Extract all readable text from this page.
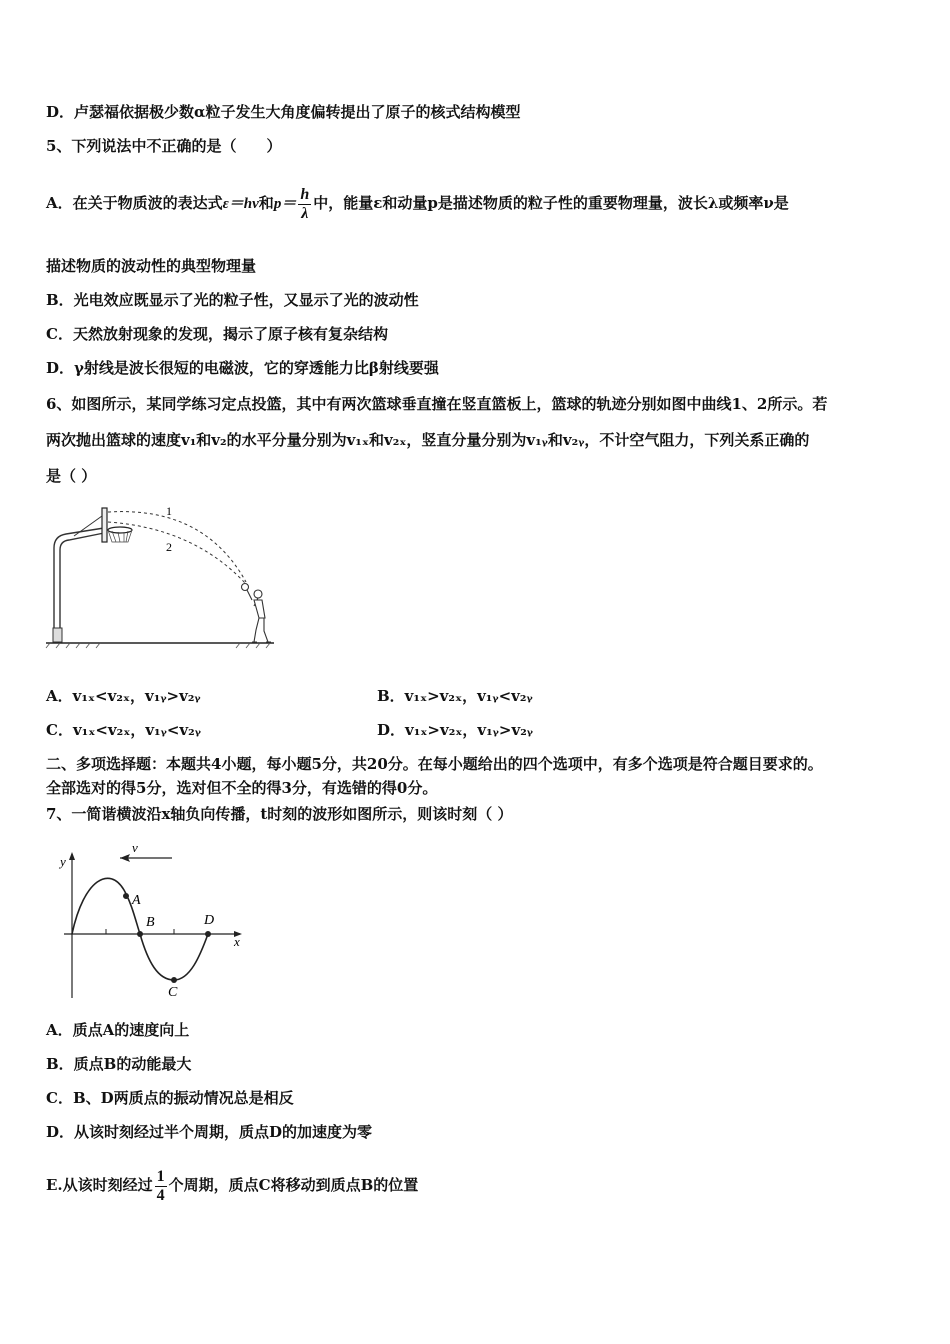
D．卢瑟福依据极少数α粒子发生大角度偏转提出了原子的核式结构模型
5、下列说法中不正确的是（　　）
A．在关于物质波的表达式ε＝hν和$p= \frac{h}{\lambda}$ 中，能量ε和动量p是描述物质的粒子性的重要物理量，波长λ或频率ν是
描述物质的波动性的典型物理量
B．光电效应既显示了光的粒子性，又显示了光的波动性
C．天然放射现象的发现，揭示了原子核有复杂结构
D．γ射线是波长很短的电磁波，它的穿透能力比β射线要强
6、如图所示，某同学练习定点投篮，其中有两次篮球垂直撞在竖直篮板上，篮球的轨迹分别如图中曲线1、2所示。若
两次抛出篮球的速度v₁和v₂的水平分量分别为v₁ₓ和v₂ₓ，竖直分量分别为v₁ᵧ和v₂ᵧ，不计空气阻力，下列关系正确的
是（ ）
1
2
A．v₁ₓ<v₂ₓ，v₁ᵧ>v₂ᵧ	B．v₁ₓ>v₂ₓ，v₁ᵧ<v₂ᵧ
C．v₁ₓ<v₂ₓ，v₁ᵧ<v₂ᵧ	D．v₁ₓ>v₂ₓ，v₁ᵧ>v₂ᵧ
二、多项选择题：本题共4小题，每小题5分，共20分。在每小题给出的四个选项中，有多个选项是符合题目要求的。
全部选对的得5分，选对但不全的得3分，有选错的得0分。
7、一简谐横波沿x轴负向传播，t时刻的波形如图所示，则该时刻（ ）
v
y
x
A
B
C
D
A．质点A的速度向上
B．质点B的动能最大
C．B、D两质点的振动情况总是相反
D．从该时刻经过半个周期，质点D的加速度为零
E.从该时刻经过 $\frac{1}{4}$ 个周期，质点C将移动到质点B的位置
